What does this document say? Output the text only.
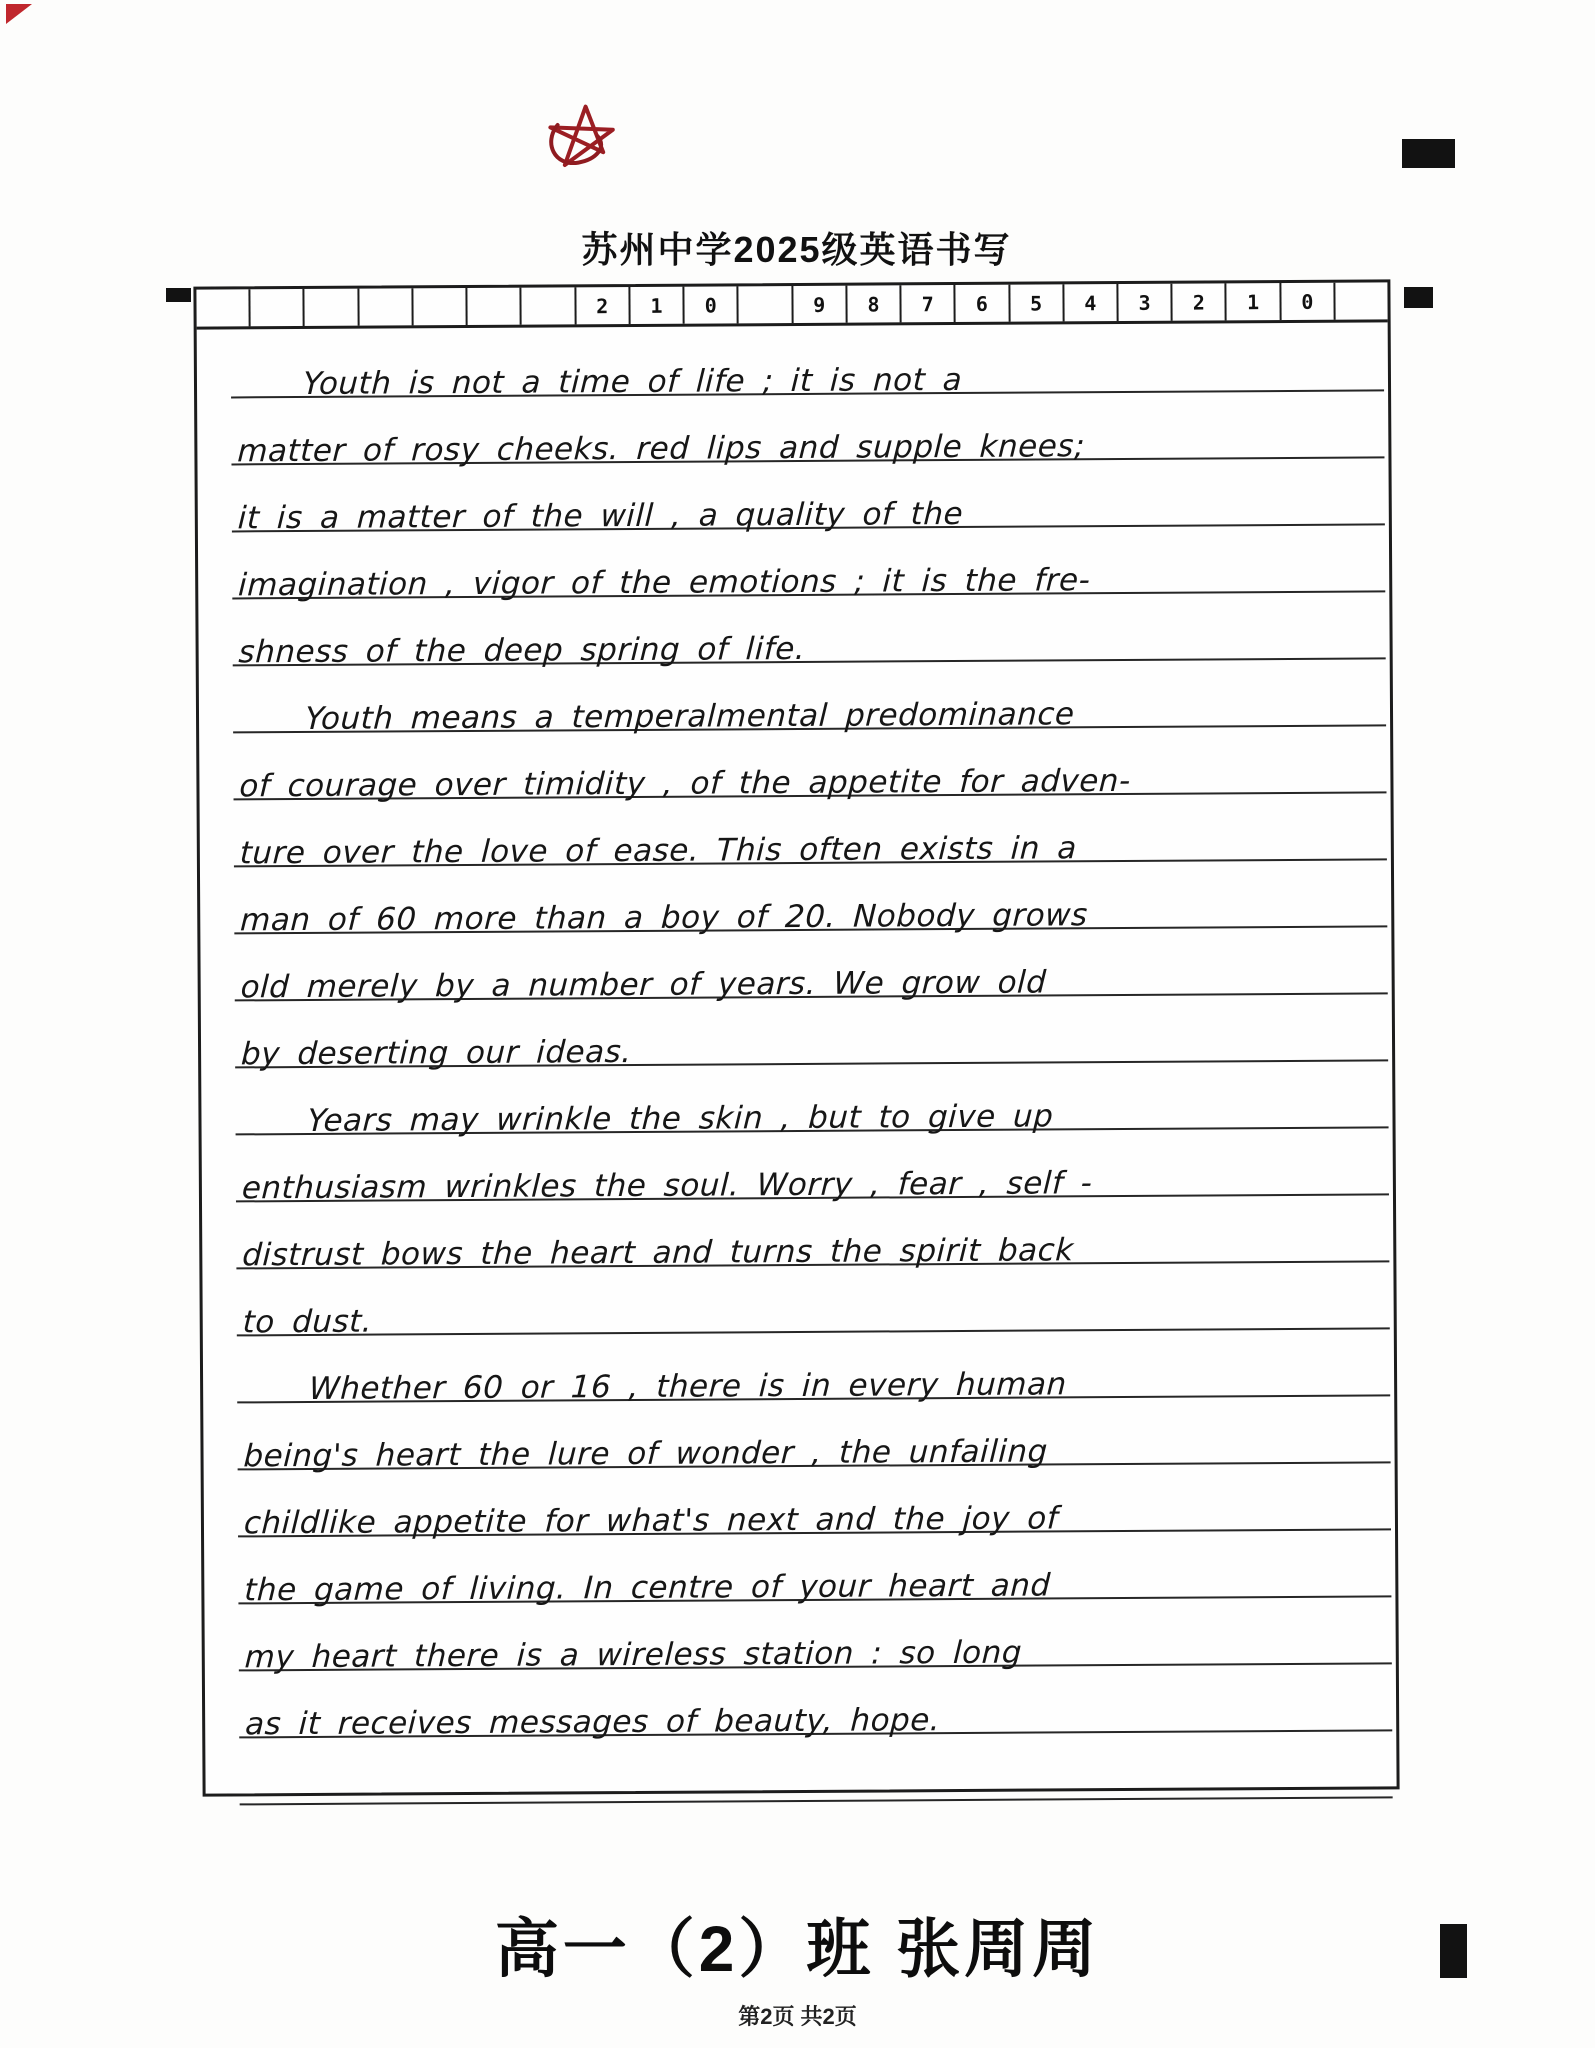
苏州中学2025级英语书写
2	1	0	9	8	7	6	5	4	3	2	1	0
Youth is not a time of life ; it is not a
matter of rosy cheeks. red lips and supple knees;
it is a matter of the will , a quality of the
imagination , vigor of the emotions ; it is the fre-
shness of the deep spring of life.
Youth means a temperalmental predominance
of courage over timidity , of the appetite for adven-
ture over the love of ease. This often exists in a
man of 60 more than a boy of 20. Nobody grows
old merely by a number of years. We grow old
by deserting our ideas.
Years may wrinkle the skin , but to give up
enthusiasm wrinkles the soul. Worry , fear , self -
distrust bows the heart and turns the spirit back
to dust.
Whether 60 or 16 , there is in every human
being's heart the lure of wonder , the unfailing
childlike appetite for what's next and the joy of
the game of living. In centre of your heart and
my heart there is a wireless station : so long
as it receives messages of beauty, hope.
高一（2）班 张周周
第2页 共2页
